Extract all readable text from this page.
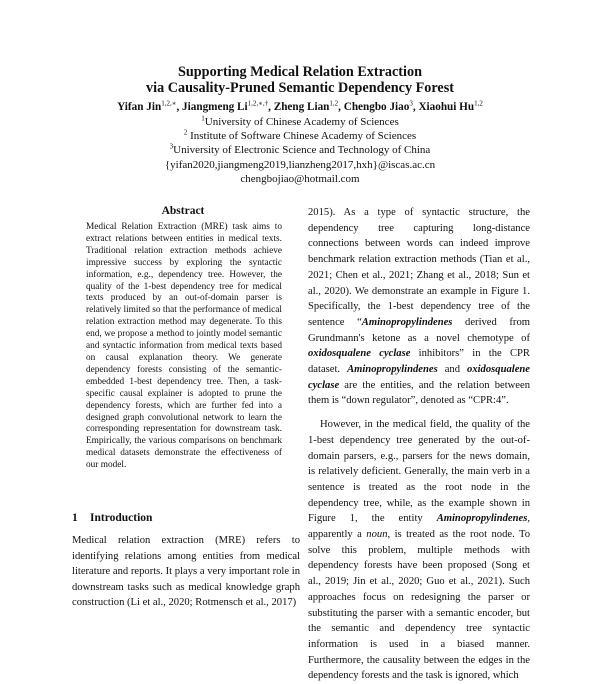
Supporting Medical Relation Extraction
via Causality-Pruned Semantic Dependency Forest
Yifan Jin$^{1,2,∗}$, Jiangmeng $Li^{1,2,∗,\dagger}$, Zheng Lian$^{1,2}$, Chengbo Jiao$^3$, Xiaohui Hu$^{1,2}$
$^1$University of Chinese Academy of Sciences
$^2$ Institute of Software Chinese Academy of Sciences
$^3$University of Electronic Science and Technology of China
{yifan2020,jiangmeng2019,lianzheng2017,hxh}@iscas.ac.cn
chengbojiao@hotmail.com
Abstract
Medical Relation Extraction (MRE) task aims to extract relations between entities in medical texts. Traditional relation extraction methods achieve impressive success by exploring the syntactic information, e.g., dependency tree. However, the quality of the 1-best dependency tree for medical texts produced by an out-of-domain parser is relatively limited so that the performance of medical relation extraction method may degenerate. To this end, we propose a method to jointly model semantic and syntactic information from medical texts based on causal explanation theory. We generate dependency forests consisting of the semantic-embedded 1-best dependency tree. Then, a task-specific causal explainer is adopted to prune the dependency forests, which are further fed into a designed graph convolutional network to learn the corresponding representation for downstream task. Empirically, the various comparisons on benchmark medical datasets demonstrate the effectiveness of our model.
1 Introduction
Medical relation extraction (MRE) refers to identifying relations among entities from medical literature and reports. It plays a very important role in downstream tasks such as medical knowledge graph construction (Li et al., 2020; Rotmensch et al., 2017)

2015). As a type of syntactic structure, the dependency tree capturing long-distance connections between words can indeed improve benchmark relation extraction methods (Tian et al., 2021; Chen et al., 2021; Zhang et al., 2018; Sun et al., 2020). We demonstrate an example in Figure 1. Specifically, the 1-best dependency tree of the sentence “Aminopropylindenes derived from Grundmann's ketone as a novel chemotype of oxidosqualene cyclase inhibitors” in the CPR dataset. Aminopropylindenes and oxidosqualene cyclase are the entities, and the relation between them is “down regulator”, denoted as “CPR:4”.

However, in the medical field, the quality of the 1-best dependency tree generated by the out-of-domain parsers, e.g., parsers for the news domain, is relatively deficient. Generally, the main verb in a sentence is treated as the root node in the dependency tree, while, as the example shown in Figure 1, the entity Aminopropylindenes, apparently a noun, is treated as the root node. To solve this problem, multiple methods with dependency forests have been proposed (Song et al., 2019; Jin et al., 2020; Guo et al., 2021). Such approaches focus on redesigning the parser or substituting the parser with a semantic encoder, but the semantic and dependency tree syntactic information is used in a biased manner. Furthermore, the causality between the edges in the dependency forests and the task is ignored, which
